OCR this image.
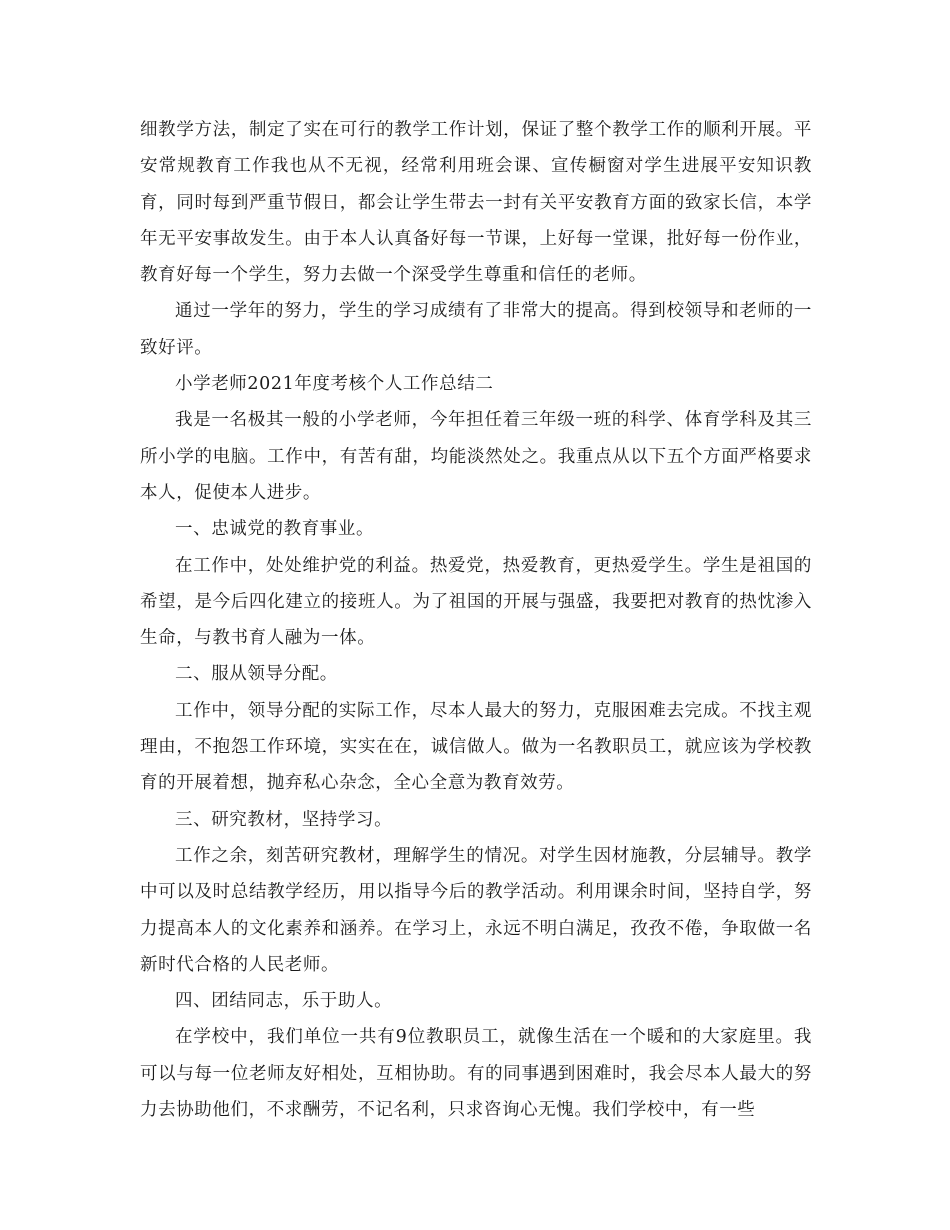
细教学方法，制定了实在可行的教学工作计划，保证了整个教学工作的顺利开展。平安常规教育工作我也从不无视，经常利用班会课、宣传橱窗对学生进展平安知识教育，同时每到严重节假日，都会让学生带去一封有关平安教育方面的致家长信，本学年无平安事故发生。由于本人认真备好每一节课，上好每一堂课，批好每一份作业，教育好每一个学生，努力去做一个深受学生尊重和信任的老师。

通过一学年的努力，学生的学习成绩有了非常大的提高。得到校领导和老师的一致好评。

小学老师2021年度考核个人工作总结二

我是一名极其一般的小学老师，今年担任着三年级一班的科学、体育学科及其三所小学的电脑。工作中，有苦有甜，均能淡然处之。我重点从以下五个方面严格要求本人，促使本人进步。

一、忠诚党的教育事业。

在工作中，处处维护党的利益。热爱党，热爱教育，更热爱学生。学生是祖国的希望，是今后四化建立的接班人。为了祖国的开展与强盛，我要把对教育的热忱渗入生命，与教书育人融为一体。

二、服从领导分配。

工作中，领导分配的实际工作，尽本人最大的努力，克服困难去完成。不找主观理由，不抱怨工作环境，实实在在，诚信做人。做为一名教职员工，就应该为学校教育的开展着想，抛弃私心杂念，全心全意为教育效劳。

三、研究教材，坚持学习。

工作之余，刻苦研究教材，理解学生的情况。对学生因材施教，分层辅导。教学中可以及时总结教学经历，用以指导今后的教学活动。利用课余时间，坚持自学，努力提高本人的文化素养和涵养。在学习上，永远不明白满足，孜孜不倦，争取做一名新时代合格的人民老师。

四、团结同志，乐于助人。

在学校中，我们单位一共有9位教职员工，就像生活在一个暖和的大家庭里。我可以与每一位老师友好相处，互相协助。有的同事遇到困难时，我会尽本人最大的努力去协助他们，不求酬劳，不记名利，只求咨询心无愧。我们学校中，有一些
